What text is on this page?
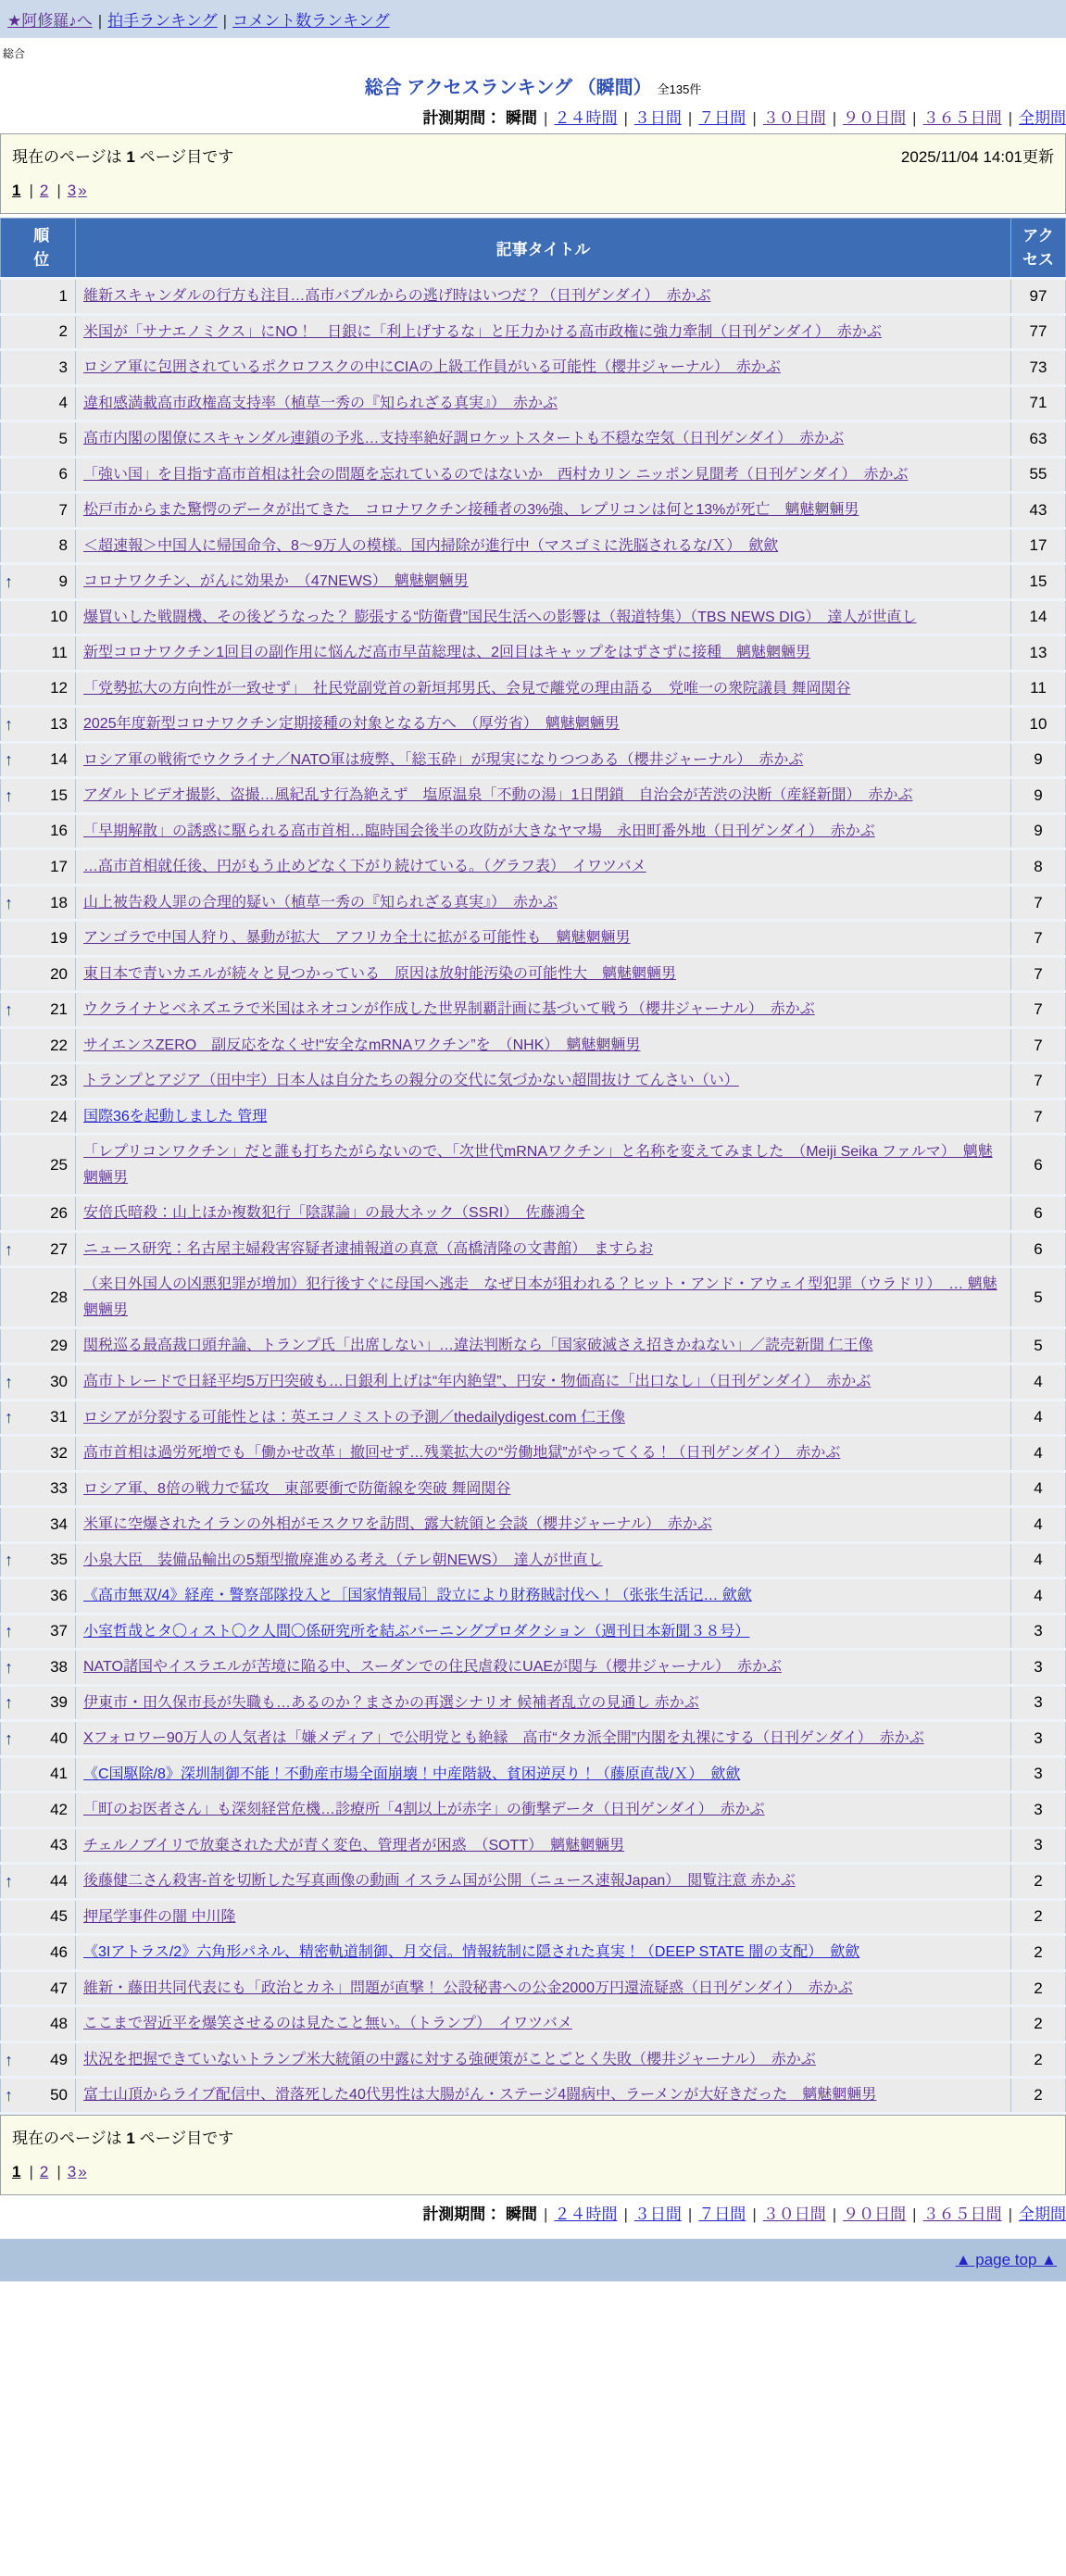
★阿修羅♪へ | 拍手ランキング | コメント数ランキング
総合
総合 アクセスランキング （瞬間） 全135件
計測期間： 瞬間 | ２４時間 | ３日間 | ７日間 | ３０日間 | ９０日間 | ３６５日間 | 全期間
現在のページは 1 ページ目です	2025/11/04 14:01更新
1 | 2 | 3 »
順位	記事タイトル	アクセス

1	維新スキャンダルの行方も注目…高市バブルからの逃げ時はいつだ？（日刊ゲンダイ）　赤かぶ	97

2	米国が「サナエノミクス」にNO！　日銀に「利上げするな」と圧力かける高市政権に強力牽制（日刊ゲンダイ）　赤かぶ	77

3	ロシア軍に包囲されているポクロフスクの中にCIAの上級工作員がいる可能性（櫻井ジャーナル）　赤かぶ	73

4	違和感満載高市政権高支持率（植草一秀の『知られざる真実』）　赤かぶ	71

5	高市内閣の閣僚にスキャンダル連鎖の予兆…支持率絶好調ロケットスタートも不穏な空気（日刊ゲンダイ）　赤かぶ	63

6	「強い国」を目指す高市首相は社会の問題を忘れているのではないか　西村カリン ニッポン見聞考（日刊ゲンダイ）　赤かぶ	55

7	松戸市からまた驚愕のデータが出てきた　コロナワクチン接種者の3%強、レプリコンは何と13%が死亡　魑魅魍魎男	43

8	＜超速報＞中国人に帰国命令、8〜9万人の模様。国内掃除が進行中（マスゴミに洗脳されるな/Ｘ）　歛歛	17

↑ 9	コロナワクチン、がんに効果か　（47NEWS）　魑魅魍魎男	15

10	爆買いした戦闘機、その後どうなった？ 膨張する“防衛費”国民生活への影響は（報道特集）（TBS NEWS DIG）　達人が世直し	14

11	新型コロナワクチン1回目の副作用に悩んだ高市早苗総理は、2回目はキャップをはずさずに接種　魑魅魍魎男	13

12	「党勢拡大の方向性が一致せず」　社民党副党首の新垣邦男氏、会見で離党の理由語る　党唯一の衆院議員 舞岡関谷	11

↑ 13	2025年度新型コロナワクチン定期接種の対象となる方へ　（厚労省）　魑魅魍魎男	10

↑ 14	ロシア軍の戦術でウクライナ／NATO軍は疲弊、「総玉砕」が現実になりつつある（櫻井ジャーナル）　赤かぶ	9

↑ 15	アダルトビデオ撮影、盗撮…風紀乱す行為絶えず　塩原温泉「不動の湯」1日閉鎖　自治会が苦渋の決断（産経新聞）　赤かぶ	9

16	「早期解散」の誘惑に駆られる高市首相…臨時国会後半の攻防が大きなヤマ場　永田町番外地（日刊ゲンダイ）　赤かぶ	9

17	…高市首相就任後、円がもう止めどなく下がり続けている。（グラフ表）　イワツバメ	8

↑ 18	山上被告殺人罪の合理的疑い（植草一秀の『知られざる真実』）　赤かぶ	7

19	アンゴラで中国人狩り、暴動が拡大　アフリカ全土に拡がる可能性も　魑魅魍魎男	7

20	東日本で青いカエルが続々と見つかっている　原因は放射能汚染の可能性大　魑魅魍魎男	7

↑ 21	ウクライナとベネズエラで米国はネオコンが作成した世界制覇計画に基づいて戦う（櫻井ジャーナル）　赤かぶ	7

22	サイエンスZERO　副反応をなくせ!“安全なmRNAワクチン”を　（NHK）　魑魅魍魎男	7

23	トランプとアジア（田中宇）日本人は自分たちの親分の交代に気づかない超間抜け てんさい（い）	7

24	国際36を起動しました 管理	7

25	「レプリコンワクチン」だと誰も打ちたがらないので、「次世代mRNAワクチン」と名称を変えてみました　（Meiji Seika ファルマ）　魑魅魍魎男	6

26	安倍氏暗殺：山上ほか複数犯行「陰謀論」の最大ネック（SSRI）　佐藤鴻全	6

↑ 27	ニュース研究：名古屋主婦殺害容疑者逮捕報道の真意（高橋清隆の文書館）　ますらお	6

28	（来日外国人の凶悪犯罪が増加）犯行後すぐに母国へ逃走　なぜ日本が狙われる？ヒット・アンド・アウェイ型犯罪（ウラドリ）　… 魑魅魍魎男	5

29	関税巡る最高裁口頭弁論、トランプ氏「出席しない」…違法判断なら「国家破滅さえ招きかねない」／読売新聞 仁王像	5

↑ 30	高市トレードで日経平均5万円突破も…日銀利上げは“年内絶望”、円安・物価高に「出口なし」（日刊ゲンダイ）　赤かぶ	4

↑ 31	ロシアが分裂する可能性とは：英エコノミストの予測／thedailydigest.com 仁王像	4

32	高市首相は過労死増でも「働かせ改革」撤回せず…残業拡大の“労働地獄”がやってくる！（日刊ゲンダイ）　赤かぶ	4

33	ロシア軍、8倍の戦力で猛攻　東部要衝で防衛線を突破 舞岡関谷	4

34	米軍に空爆されたイランの外相がモスクワを訪問、露大統領と会談（櫻井ジャーナル）　赤かぶ	4

↑ 35	小泉大臣　装備品輸出の5類型撤廃進める考え（テレ朝NEWS）　達人が世直し	4

36	《高市無双/4》経産・警察部隊投入と［国家情報局］設立により財務賊討伐へ！（张张生活记… 歛歛	4

↑ 37	小室哲哉とタ〇ィスト〇ク人間〇係研究所を結ぶバーニングプロダクション（週刊日本新聞３８号）	3

↑ 38	NATO諸国やイスラエルが苦境に陥る中、スーダンでの住民虐殺にUAEが関与（櫻井ジャーナル）　赤かぶ	3

↑ 39	伊東市・田久保市長が失職も…あるのか？まさかの再選シナリオ 候補者乱立の見通し 赤かぶ	3

↑ 40	Xフォロワー90万人の人気者は「嫌メディア」で公明党とも絶縁　高市“タカ派全開”内閣を丸裸にする（日刊ゲンダイ）　赤かぶ	3

41	《C国駆除/8》深圳制御不能！不動産市場全面崩壊！中産階級、貧困逆戻り！（藤原直哉/Ｘ）　歛歛	3

42	「町のお医者さん」も深刻経営危機…診療所「4割以上が赤字」の衝撃データ（日刊ゲンダイ）　赤かぶ	3

43	チェルノブイリで放棄された犬が青く変色、管理者が困惑　（SOTT）　魑魅魍魎男	3

↑ 44	後藤健二さん殺害-首を切断した写真画像の動画 イスラム国が公開（ニュース速報Japan）　閲覧注意 赤かぶ	2

45	押尾学事件の闇 中川隆	2

46	《3Iアトラス/2》六角形パネル、精密軌道制御、月交信。情報統制に隠された真実！（DEEP STATE 闇の支配）　歛歛	2

47	維新・藤田共同代表にも「政治とカネ」問題が直撃！ 公設秘書への公金2000万円還流疑惑（日刊ゲンダイ）　赤かぶ	2

48	ここまで習近平を爆笑させるのは見たこと無い。（トランプ）　イワツバメ	2

↑ 49	状況を把握できていないトランプ米大統領の中露に対する強硬策がことごとく失敗（櫻井ジャーナル）　赤かぶ	2

↑ 50	富士山頂からライブ配信中、滑落死した40代男性は大腸がん・ステージ4闘病中、ラーメンが大好きだった　魑魅魍魎男	2
現在のページは 1 ページ目です
1 | 2 | 3 »
計測期間： 瞬間 | ２４時間 | ３日間 | ７日間 | ３０日間 | ９０日間 | ３６５日間 | 全期間
▲ page top ▲
